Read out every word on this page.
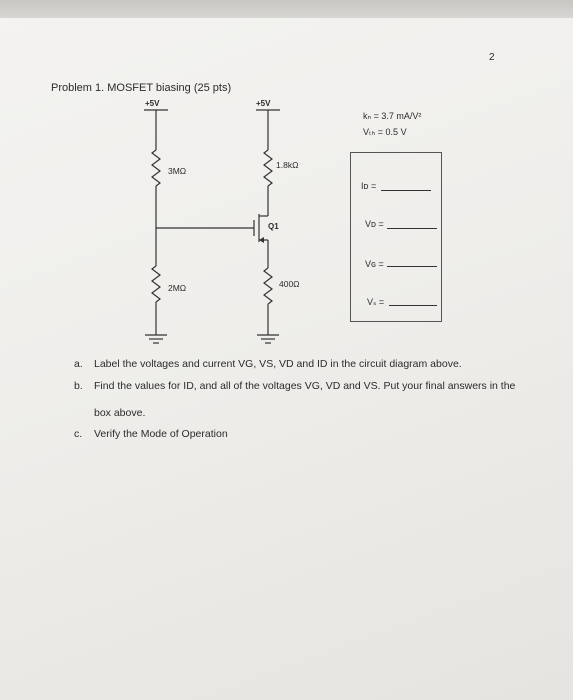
2
Problem 1. MOSFET biasing (25 pts)
+5V	+5V
3MΩ
2MΩ
1.8kΩ
400Ω
Q1
kₙ = 3.7 mA/V²
Vₜₕ = 0.5 V
Iᴅ =
Vᴅ =
Vɢ =
Vₛ =
a. Label the voltages and current VG, VS, VD and ID in the circuit diagram above.
b. Find the values for ID, and all of the voltages VG, VD and VS. Put your final answers in the
box above.
c. Verify the Mode of Operation
